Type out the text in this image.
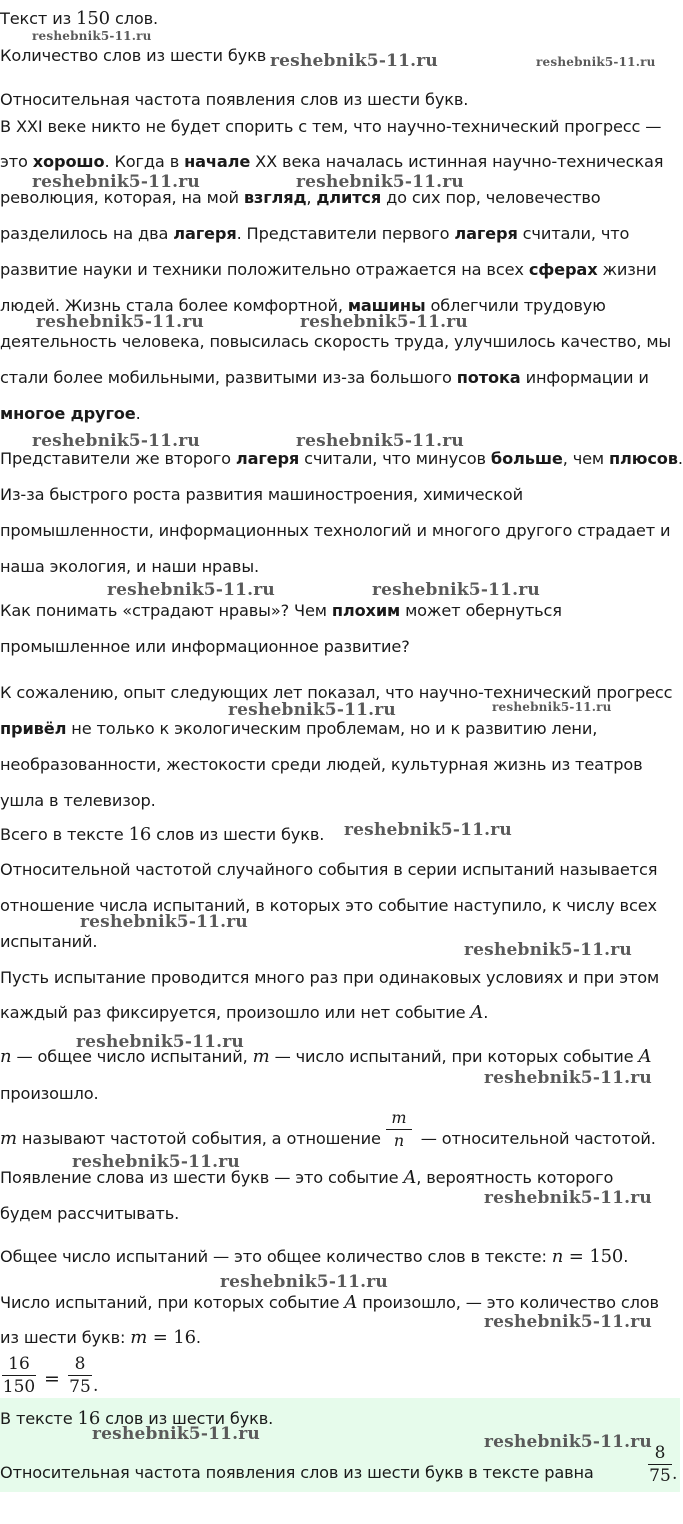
Текст из 150 слов.
Количество слов из шести букв
Относительная частота появления слов из шести букв.
В XXI веке никто не будет спорить с тем, что научно-технический прогресс —
это хорошо. Когда в начале XX века началась истинная научно-техническая
революция, которая, на мой взгляд, длится до сих пор, человечество
разделилось на два лагеря. Представители первого лагеря считали, что
развитие науки и техники положительно отражается на всех сферах жизни
людей. Жизнь стала более комфортной, машины облегчили трудовую
деятельность человека, повысилась скорость труда, улучшилось качество, мы
стали более мобильными, развитыми из-за большого потока информации и
многое другое.
Представители же второго лагеря считали, что минусов больше, чем плюсов.
Из-за быстрого роста развития машиностроения, химической
промышленности, информационных технологий и многого другого страдает и
наша экология, и наши нравы.
Как понимать «страдают нравы»? Чем плохим может обернуться
промышленное или информационное развитие?
К сожалению, опыт следующих лет показал, что научно-технический прогресс
привёл не только к экологическим проблемам, но и к развитию лени,
необразованности, жестокости среди людей, культурная жизнь из театров
ушла в телевизор.
Всего в тексте 16 слов из шести букв.
Относительной частотой случайного события в серии испытаний называется
отношение числа испытаний, в которых это событие наступило, к числу всех
испытаний.
Пусть испытание проводится много раз при одинаковых условиях и при этом
каждый раз фиксируется, произошло или нет событие A.
n — общее число испытаний, m — число испытаний, при которых событие A
произошло.
m называют частотой события, а отношение  — относительной частотой.
m
n
Появление слова из шести букв — это событие A, вероятность которого
будем рассчитывать.
Общее число испытаний — это общее количество слов в тексте: n = 150.
Число испытаний, при которых событие A произошло, — это количество слов
из шести букв: m = 16.
16
150 =
8
75 .
В тексте 16 слов из шести букв.
Относительная частота появления слов из шести букв в тексте равна
8
75 .
reshebnik5-11.ru
reshebnik5-11.ru	reshebnik5-11.ru
reshebnik5-11.ru	reshebnik5-11.ru
reshebnik5-11.ru	reshebnik5-11.ru
reshebnik5-11.ru	reshebnik5-11.ru
reshebnik5-11.ru	reshebnik5-11.ru
reshebnik5-11.ru	reshebnik5-11.ru
reshebnik5-11.ru
reshebnik5-11.ru
reshebnik5-11.ru
reshebnik5-11.ru
reshebnik5-11.ru
reshebnik5-11.ru
reshebnik5-11.ru
reshebnik5-11.ru
reshebnik5-11.ru
reshebnik5-11.ru	reshebnik5-11.ru
